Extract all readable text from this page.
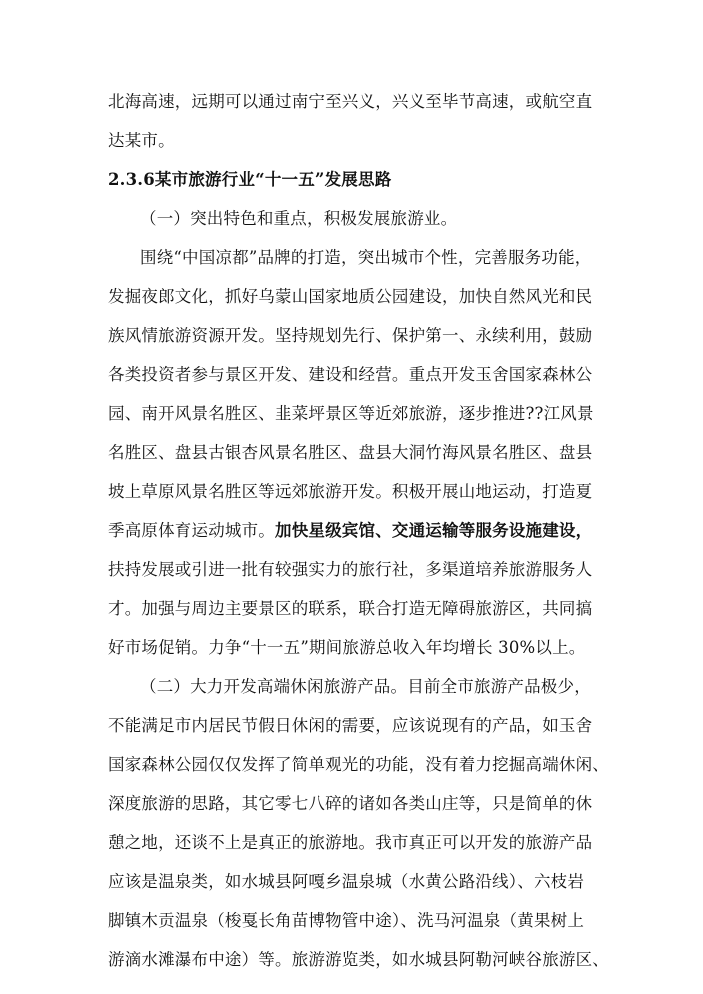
北海高速，远期可以通过南宁至兴义，兴义至毕节高速，或航空直
达某市。
2.3.6某市旅游行业“十一五”发展思路
（一）突出特色和重点，积极发展旅游业。
围绕“中国凉都”品牌的打造，突出城市个性，完善服务功能，
发掘夜郎文化，抓好乌蒙山国家地质公园建设，加快自然风光和民
族风情旅游资源开发。坚持规划先行、保护第一、永续利用，鼓励
各类投资者参与景区开发、建设和经营。重点开发玉舍国家森林公
园、南开风景名胜区、韭菜坪景区等近郊旅游，逐步推进??江风景
名胜区、盘县古银杏风景名胜区、盘县大洞竹海风景名胜区、盘县
坡上草原风景名胜区等远郊旅游开发。积极开展山地运动，打造夏
季高原体育运动城市。加快星级宾馆、交通运输等服务设施建设，
扶持发展或引进一批有较强实力的旅行社，多渠道培养旅游服务人
才。加强与周边主要景区的联系，联合打造无障碍旅游区，共同搞
好市场促销。力争“十一五”期间旅游总收入年均增长 30%以上。
（二）大力开发高端休闲旅游产品。目前全市旅游产品极少，
不能满足市内居民节假日休闲的需要，应该说现有的产品，如玉舍
国家森林公园仅仅发挥了简单观光的功能，没有着力挖掘高端休闲、
深度旅游的思路，其它零七八碎的诸如各类山庄等，只是简单的休
憩之地，还谈不上是真正的旅游地。我市真正可以开发的旅游产品
应该是温泉类，如水城县阿嘎乡温泉城（水黄公路沿线）、六枝岩
脚镇木贡温泉（梭戛长角苗博物管中途）、洗马河温泉（黄果树上
游滴水滩瀑布中途）等。旅游游览类，如水城县阿勒河峡谷旅游区、
